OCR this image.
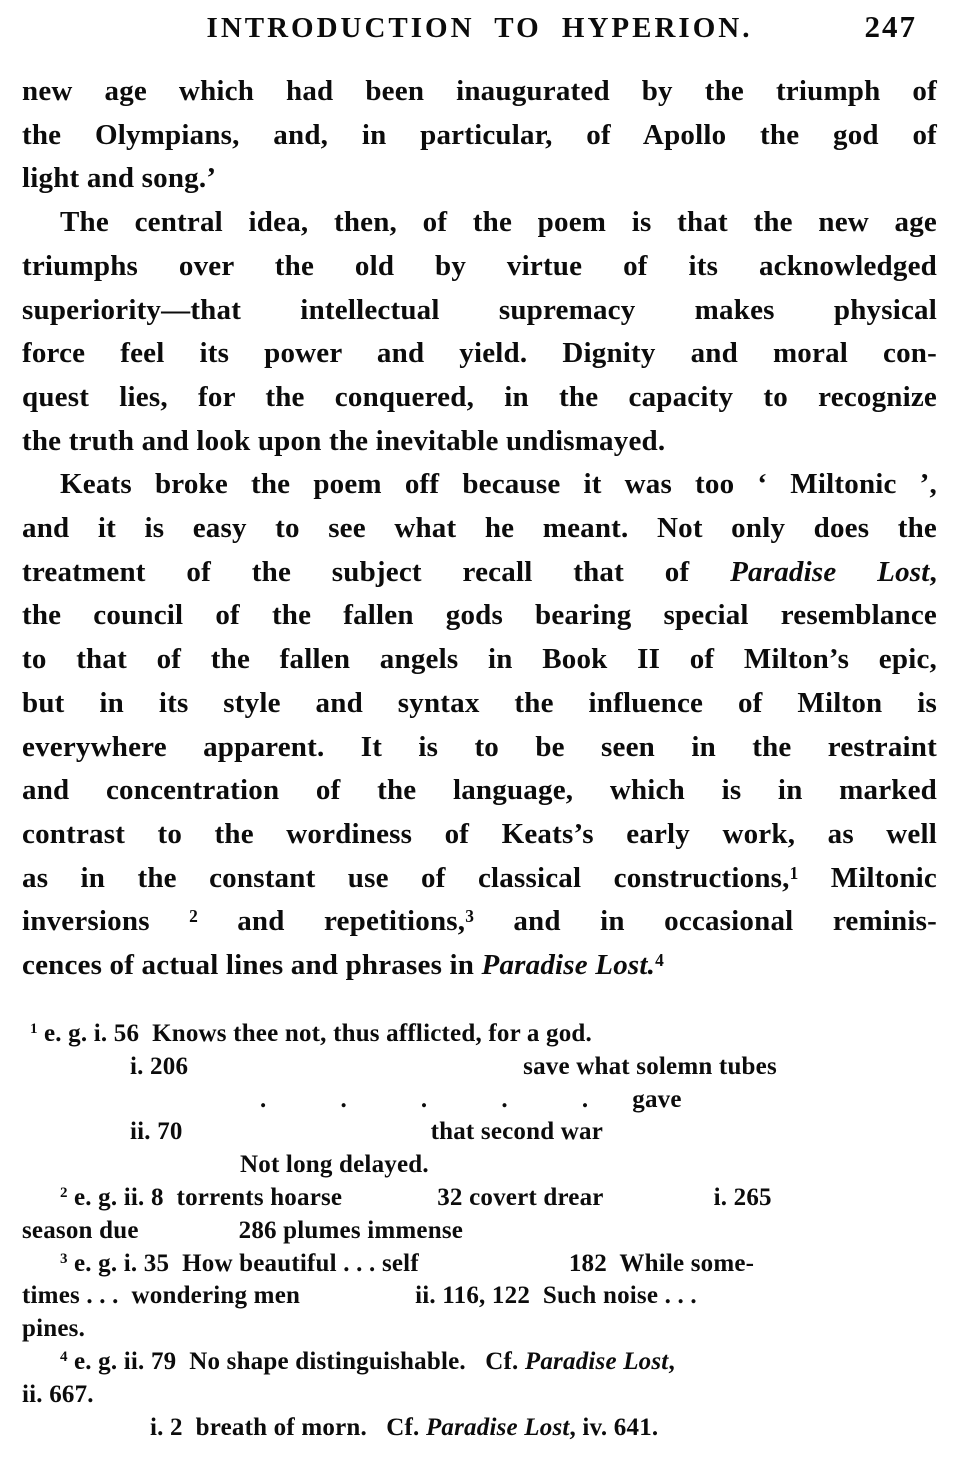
INTRODUCTION TO HYPERION.	247
new age which had been inaugurated by the triumph of
the Olympians, and, in particular, of Apollo the god of
light and song.’
The central idea, then, of the poem is that the new age
triumphs over the old by virtue of its acknowledged
superiority—that intellectual supremacy makes physical
force feel its power and yield. Dignity and moral con-
quest lies, for the conquered, in the capacity to recognize
the truth and look upon the inevitable undismayed.
Keats broke the poem off because it was too ‘ Miltonic ’,
and it is easy to see what he meant. Not only does the
treatment of the subject recall that of Paradise Lost,
the council of the fallen gods bearing special resemblance
to that of the fallen angels in Book II of Milton’s epic,
but in its style and syntax the influence of Milton is
everywhere apparent. It is to be seen in the restraint
and concentration of the language, which is in marked
contrast to the wordiness of Keats’s early work, as well
as in the constant use of classical constructions,$^1$ Miltonic
inversions $^2$ and repetitions,$^3$ and in occasional reminis-
cences of actual lines and phrases in Paradise Lost.$^4$
$^1$ e. g. i. 56  Knows thee not, thus afflicted, for a god.
i. 206	save what solemn tubes
.	.	.	.	. gave
ii. 70	that second war
Not long delayed.
$^2$ e. g. ii. 8  torrents hoarse	32 covert drear	i. 265
season due	286 plumes immense
$^3$ e. g. i. 35  How beautiful . . . self	182  While some-
times . . .  wondering men	ii. 116, 122  Such noise . . .
pines.
$^4$ e. g. ii. 79  No shape distinguishable.   Cf. Paradise Lost,
ii. 667.
i. 2  breath of morn.   Cf. Paradise Lost, iv. 641.
